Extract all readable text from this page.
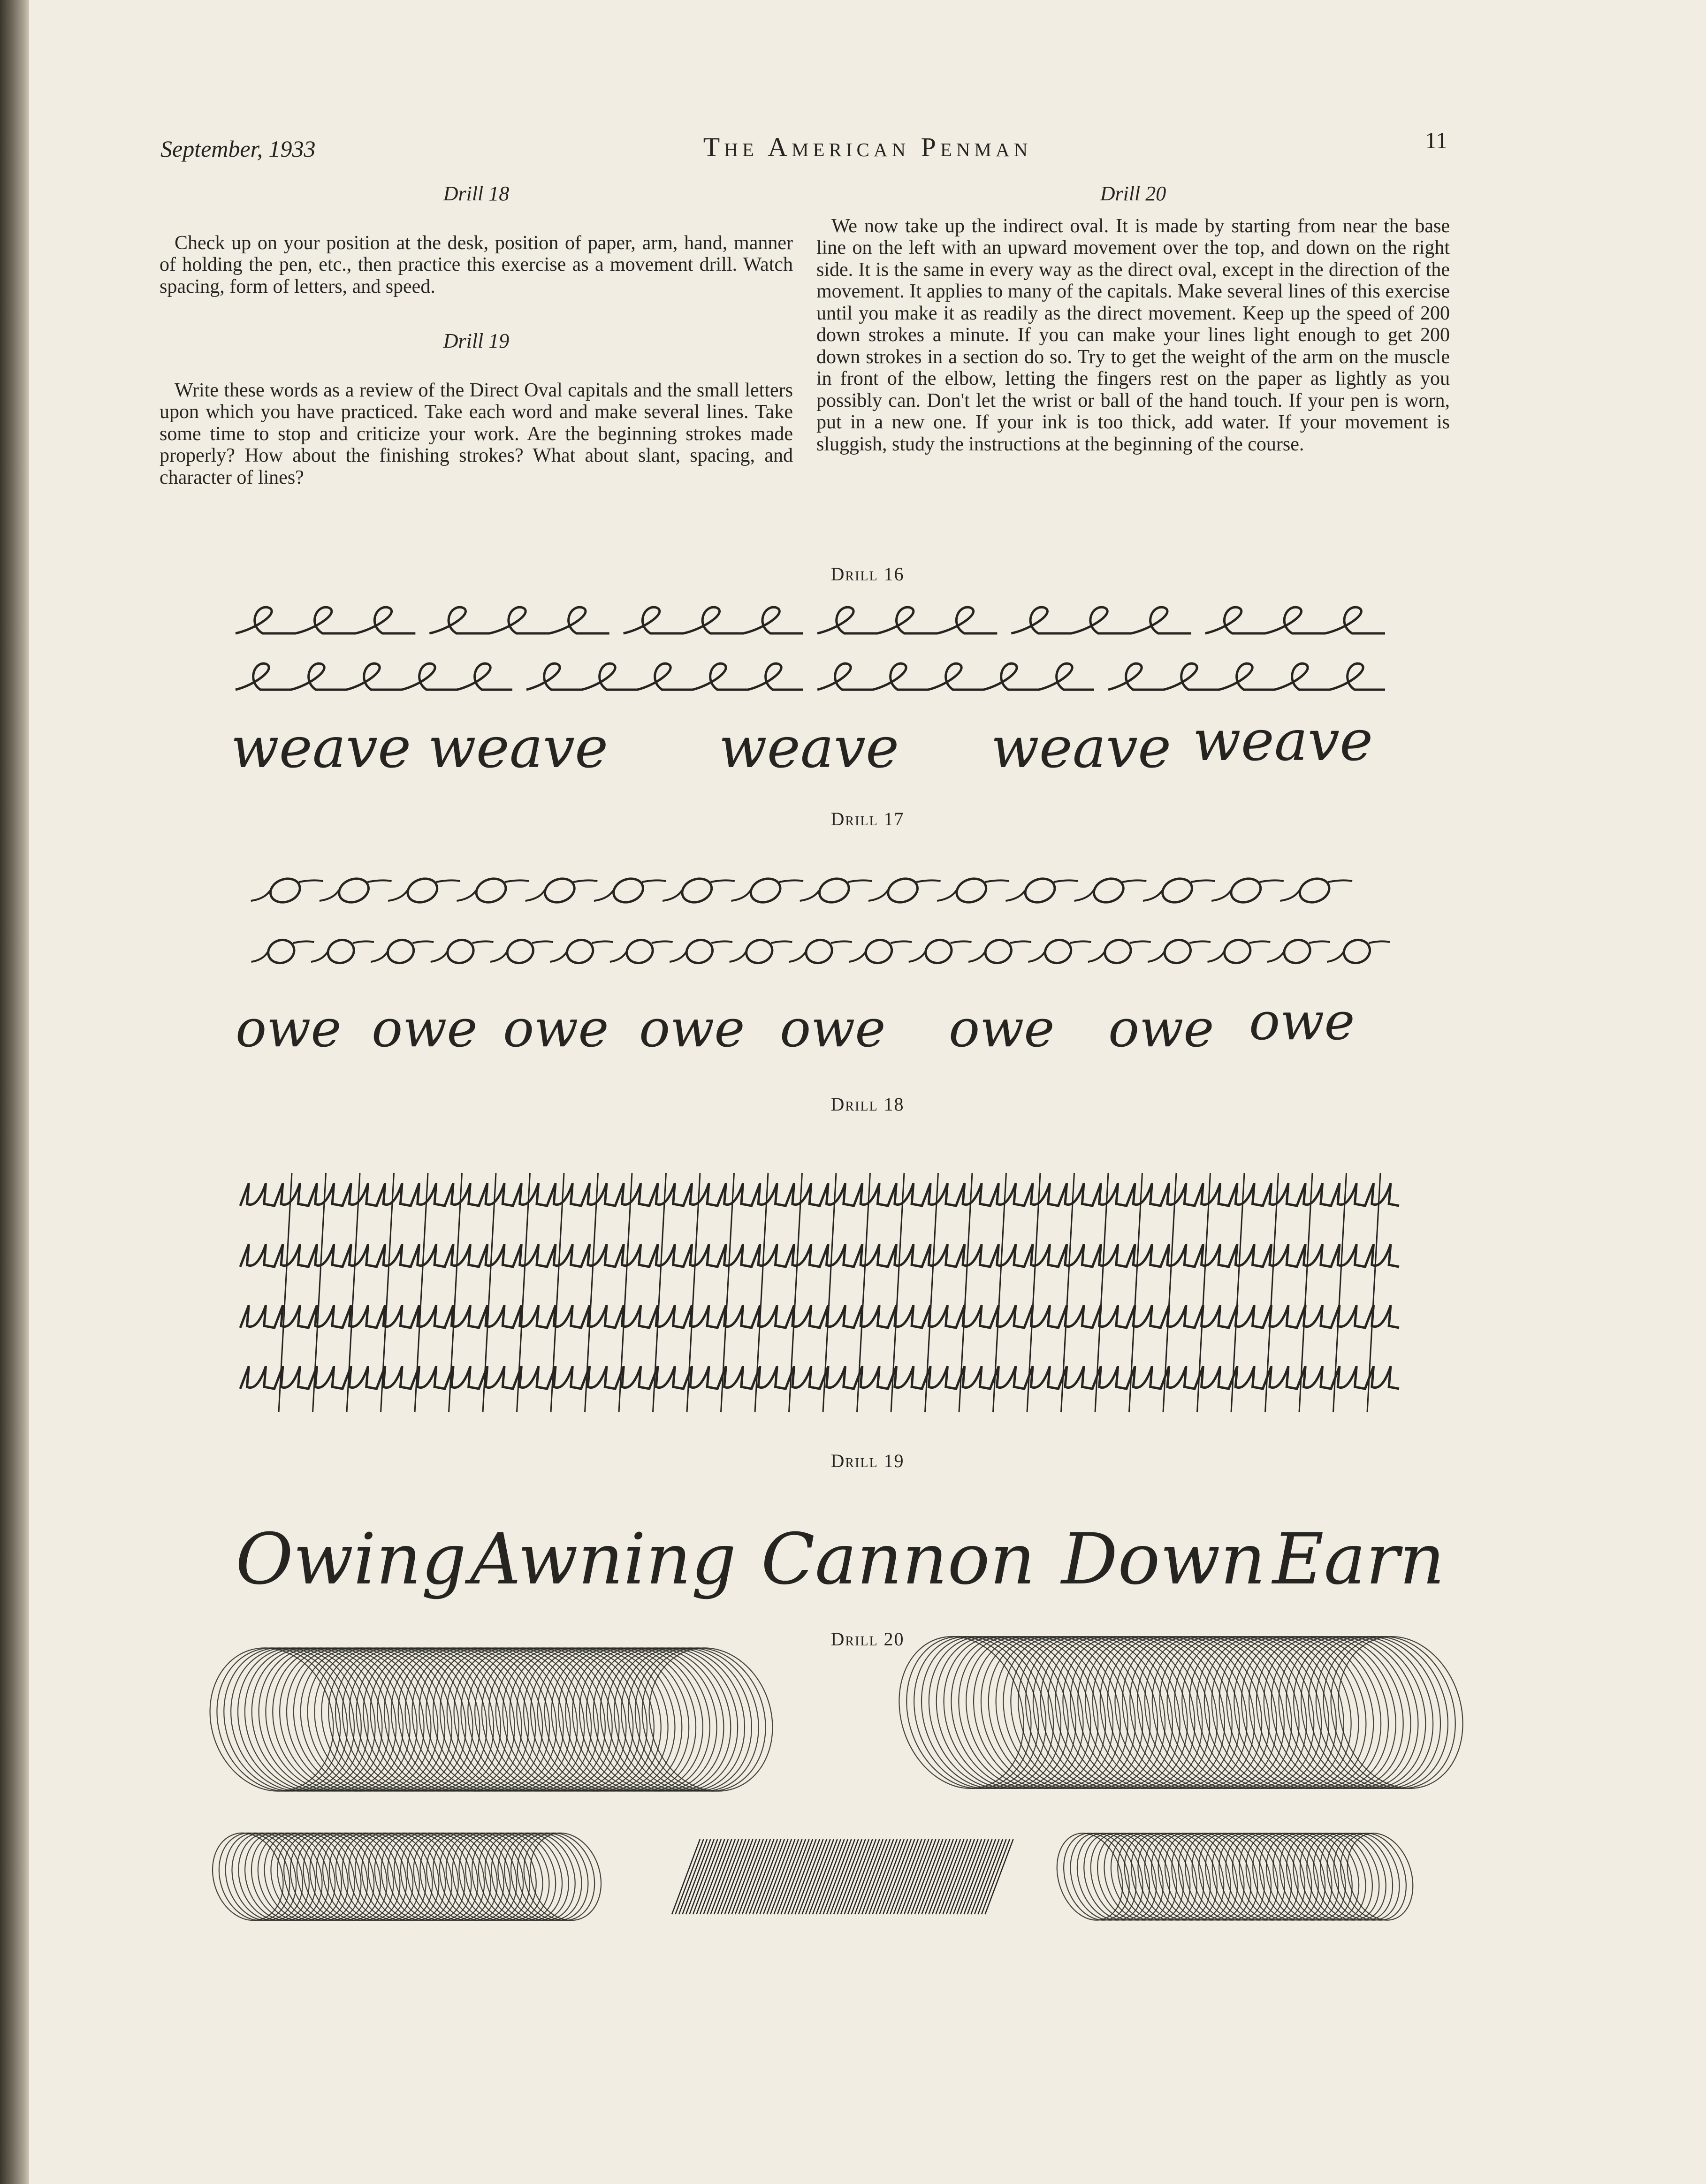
September, 1933	The American Penman	11
Drill 18

Check up on your position at the desk, position of paper, arm, hand, manner of holding the pen, etc., then practice this exercise as a movement drill. Watch spacing, form of letters, and speed.

Drill 19

Write these words as a review of the Direct Oval capitals and the small letters upon which you have practiced. Take each word and make several lines. Take some time to stop and criticize your work. Are the beginning strokes made properly? How about the finishing strokes? What about slant, spacing, and character of lines?

Drill 20

We now take up the indirect oval. It is made by starting from near the base line on the left with an upward movement over the top, and down on the right side. It is the same in every way as the direct oval, except in the direction of the movement. It applies to many of the capitals. Make several lines of this exercise until you make it as readily as the direct movement. Keep up the speed of 200 down strokes a minute. If you can make your lines light enough to get 200 down strokes in a section do so. Try to get the weight of the arm on the muscle in front of the elbow, letting the fingers rest on the paper as lightly as you possibly can. Don't let the wrist or ball of the hand touch. If your pen is worn, put in a new one. If your ink is too thick, add water. If your movement is sluggish, study the instructions at the beginning of the course.

Drill 16
Drill 17
Drill 18
Drill 19
Drill 20
weave weave weave weave weave
owe owe owe owe owe owe owe owe
Owing Awning Cannon Down Earn
